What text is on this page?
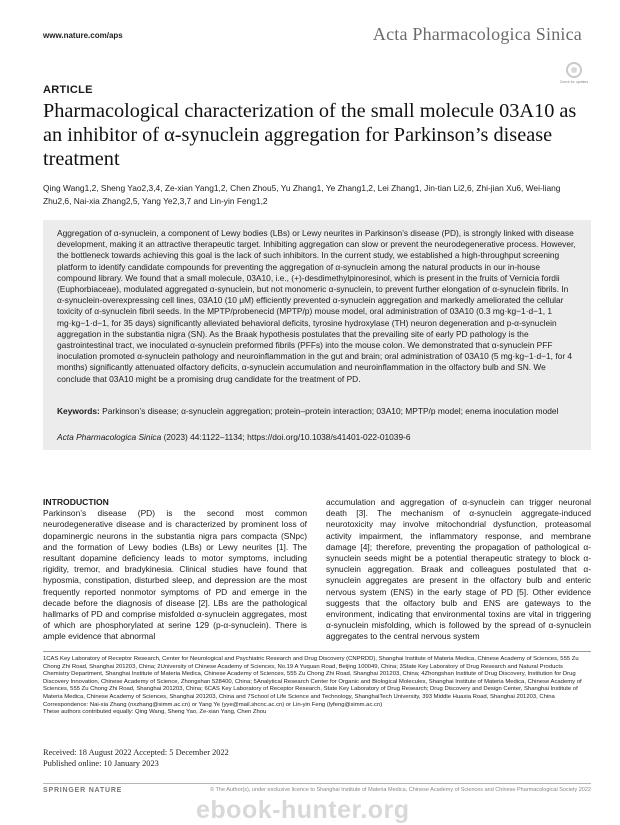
www.nature.com/aps	Acta Pharmacologica Sinica
Check for updates
ARTICLE
Pharmacological characterization of the small molecule 03A10 as an inhibitor of α-synuclein aggregation for Parkinson’s disease treatment
Qing Wang1,2, Sheng Yao2,3,4, Ze-xian Yang1,2, Chen Zhou5, Yu Zhang1, Ye Zhang1,2, Lei Zhang1, Jin-tian Li2,6, Zhi-jian Xu6, Wei-liang Zhu2,6, Nai-xia Zhang2,5, Yang Ye2,3,7 and Lin-yin Feng1,2
Aggregation of α-synuclein, a component of Lewy bodies (LBs) or Lewy neurites in Parkinson’s disease (PD), is strongly linked with disease development, making it an attractive therapeutic target. Inhibiting aggregation can slow or prevent the neurodegenerative process. However, the bottleneck towards achieving this goal is the lack of such inhibitors. In the current study, we established a high-throughput screening platform to identify candidate compounds for preventing the aggregation of α-synuclein among the natural products in our in-house compound library. We found that a small molecule, 03A10, i.e., (+)-desdimethylpinoresinol, which is present in the fruits of Vernicia fordii (Euphorbiaceae), modulated aggregated α-synuclein, but not monomeric α-synuclein, to prevent further elongation of α-synuclein fibrils. In α-synuclein-overexpressing cell lines, 03A10 (10 μM) efficiently prevented α-synuclein aggregation and markedly ameliorated the cellular toxicity of α-synuclein fibril seeds. In the MPTP/probenecid (MPTP/p) mouse model, oral administration of 03A10 (0.3 mg·kg−1·d−1, 1 mg·kg−1·d−1, for 35 days) significantly alleviated behavioral deficits, tyrosine hydroxylase (TH) neuron degeneration and p-α-synuclein aggregation in the substantia nigra (SN). As the Braak hypothesis postulates that the prevailing site of early PD pathology is the gastrointestinal tract, we inoculated α-synuclein preformed fibrils (PFFs) into the mouse colon. We demonstrated that α-synuclein PFF inoculation promoted α-synuclein pathology and neuroinflammation in the gut and brain; oral administration of 03A10 (5 mg·kg−1·d−1, for 4 months) significantly attenuated olfactory deficits, α-synuclein accumulation and neuroinflammation in the olfactory bulb and SN. We conclude that 03A10 might be a promising drug candidate for the treatment of PD.
Keywords: Parkinson’s disease; α-synuclein aggregation; protein–protein interaction; 03A10; MPTP/p model; enema inoculation model
Acta Pharmacologica Sinica (2023) 44:1122–1134; https://doi.org/10.1038/s41401-022-01039-6
INTRODUCTION
Parkinson’s disease (PD) is the second most common neurodegenerative disease and is characterized by prominent loss of dopaminergic neurons in the substantia nigra pars compacta (SNpc) and the formation of Lewy bodies (LBs) or Lewy neurites [1]. The resultant dopamine deficiency leads to motor symptoms, including rigidity, tremor, and bradykinesia. Clinical studies have found that hyposmia, constipation, disturbed sleep, and depression are the most frequently reported nonmotor symptoms of PD and emerge in the decade before the diagnosis of disease [2]. LBs are the pathological hallmarks of PD and comprise misfolded α-synuclein aggregates, most of which are phosphorylated at serine 129 (p-α-synuclein). There is ample evidence that abnormal
accumulation and aggregation of α-synuclein can trigger neuronal death [3]. The mechanism of α-synuclein aggregate-induced neurotoxicity may involve mitochondrial dysfunction, proteasomal activity impairment, the inflammatory response, and membrane damage [4]; therefore, preventing the propagation of pathological α-synuclein seeds might be a potential therapeutic strategy to block α-synuclein aggregation. Braak and colleagues postulated that α-synuclein aggregates are present in the olfactory bulb and enteric nervous system (ENS) in the early stage of PD [5]. Other evidence suggests that the olfactory bulb and ENS are gateways to the environment, indicating that environmental toxins are vital in triggering α-synuclein misfolding, which is followed by the spread of α-synuclein aggregates to the central nervous system
1CAS Key Laboratory of Receptor Research, Center for Neurological and Psychiatric Research and Drug Discovery (CNPRDD), Shanghai Institute of Materia Medica, Chinese Academy of Sciences, 555 Zu Chong Zhi Road, Shanghai 201203, China; 2University of Chinese Academy of Sciences, No.19 A Yuquan Road, Beijing 100049, China; 3State Key Laboratory of Drug Research and Natural Products Chemistry Department, Shanghai Institute of Materia Medica, Chinese Academy of Sciences, 555 Zu Chong Zhi Road, Shanghai 201203, China; 4Zhongshan Institute of Drug Discovery, Institution for Drug Discovery Innovation, Chinese Academy of Science, Zhongshan 528400, China; 5Analytical Research Center for Organic and Biological Molecules, Shanghai Institute of Materia Medica, Chinese Academy of Sciences, 555 Zu Chong Zhi Road, Shanghai 201203, China; 6CAS Key Laboratory of Receptor Research, State Key Laboratory of Drug Research; Drug Discovery and Design Center, Shanghai Institute of Materia Medica, Chinese Academy of Sciences, Shanghai 201203, China and 7School of Life Science and Technology, ShanghaiTech University, 393 Middle Huaxia Road, Shanghai 201203, China
Correspondence: Nai-xia Zhang (nxzhang@simm.ac.cn) or Yang Ye (yye@mail.shcnc.ac.cn) or Lin-yin Feng (lyfeng@simm.ac.cn)
These authors contributed equally: Qing Wang, Sheng Yao, Ze-xian Yang, Chen Zhou
Received: 18 August 2022 Accepted: 5 December 2022
Published online: 10 January 2023
SPRINGER NATURE	© The Author(s), under exclusive licence to Shanghai Institute of Materia Medica, Chinese Academy of Sciences and Chinese Pharmacological Society 2022
ebook-hunter.org
